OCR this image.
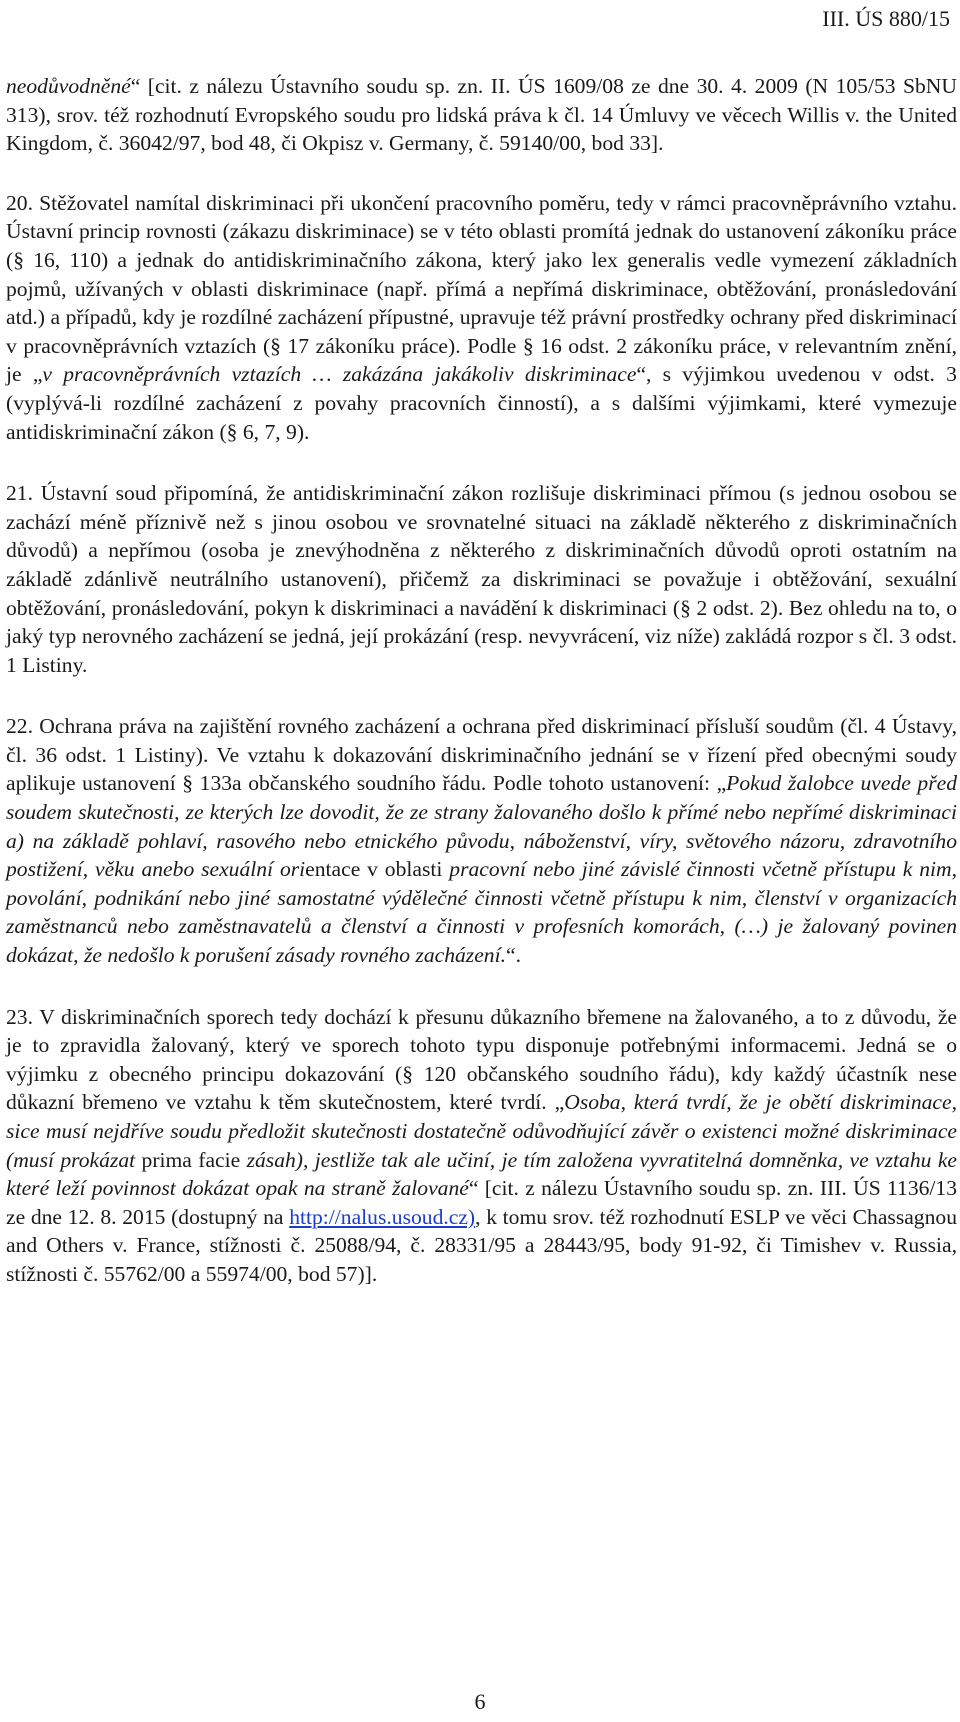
III. ÚS 880/15

neodůvodněné“ [cit. z nálezu Ústavního soudu sp. zn. II. ÚS 1609/08 ze dne 30. 4. 2009 (N 105/53 SbNU 313), srov. též rozhodnutí Evropského soudu pro lidská práva k čl. 14 Úmluvy ve věcech Willis v. the United Kingdom, č. 36042/97, bod 48, či Okpisz v. Germany, č. 59140/00, bod 33].

20. Stěžovatel namítal diskriminaci při ukončení pracovního poměru, tedy v rámci pracovněprávního vztahu. Ústavní princip rovnosti (zákazu diskriminace) se v této oblasti promítá jednak do ustanovení zákoníku práce (§ 16, 110) a jednak do antidiskriminačního zákona, který jako lex generalis vedle vymezení základních pojmů, užívaných v oblasti diskriminace (např. přímá a nepřímá diskriminace, obtěžování, pronásledování atd.) a případů, kdy je rozdílné zacházení přípustné, upravuje též právní prostředky ochrany před diskriminací v pracovněprávních vztazích (§ 17 zákoníku práce). Podle § 16 odst. 2 zákoníku práce, v relevantním znění, je „v pracovněprávních vztazích … zakázána jakákoliv diskriminace“, s výjimkou uvedenou v odst. 3 (vyplývá-li rozdílné zacházení z povahy pracovních činností), a s dalšími výjimkami, které vymezuje antidiskriminační zákon (§ 6, 7, 9).

21. Ústavní soud připomíná, že antidiskriminační zákon rozlišuje diskriminaci přímou (s jednou osobou se zachází méně příznivě než s jinou osobou ve srovnatelné situaci na základě některého z diskriminačních důvodů) a nepřímou (osoba je znevýhodněna z některého z diskriminačních důvodů oproti ostatním na základě zdánlivě neutrálního ustanovení), přičemž za diskriminaci se považuje i obtěžování, sexuální obtěžování, pronásledování, pokyn k diskriminaci a navádění k diskriminaci (§ 2 odst. 2). Bez ohledu na to, o jaký typ nerovného zacházení se jedná, její prokázání (resp. nevyvrácení, viz níže) zakládá rozpor s čl. 3 odst. 1 Listiny.

22. Ochrana práva na zajištění rovného zacházení a ochrana před diskriminací přísluší soudům (čl. 4 Ústavy, čl. 36 odst. 1 Listiny). Ve vztahu k dokazování diskriminačního jednání se v řízení před obecnými soudy aplikuje ustanovení § 133a občanského soudního řádu. Podle tohoto ustanovení: „Pokud žalobce uvede před soudem skutečnosti, ze kterých lze dovodit, že ze strany žalovaného došlo k přímé nebo nepřímé diskriminaci a) na základě pohlaví, rasového nebo etnického původu, náboženství, víry, světového názoru, zdravotního postižení, věku anebo sexuální orientace v oblasti pracovní nebo jiné závislé činnosti včetně přístupu k nim, povolání, podnikání nebo jiné samostatné výdělečné činnosti včetně přístupu k nim, členství v organizacích zaměstnanců nebo zaměstnavatelů a členství a činnosti v profesních komorách, (…) je žalovaný povinen dokázat, že nedošlo k porušení zásady rovného zacházení.“.

23. V diskriminačních sporech tedy dochází k přesunu důkazního břemene na žalovaného, a to z důvodu, že je to zpravidla žalovaný, který ve sporech tohoto typu disponuje potřebnými informacemi. Jedná se o výjimku z obecného principu dokazování (§ 120 občanského soudního řádu), kdy každý účastník nese důkazní břemeno ve vztahu k těm skutečnostem, které tvrdí. „Osoba, která tvrdí, že je obětí diskriminace, sice musí nejdříve soudu předložit skutečnosti dostatečně odůvodňující závěr o existenci možné diskriminace (musí prokázat prima facie zásah), jestliže tak ale učiní, je tím založena vyvratitelná domněnka, ve vztahu ke které leží povinnost dokázat opak na straně žalované“ [cit. z nálezu Ústavního soudu sp. zn. III. ÚS 1136/13 ze dne 12. 8. 2015 (dostupný na http://nalus.usoud.cz), k tomu srov. též rozhodnutí ESLP ve věci Chassagnou and Others v. France, stížnosti č. 25088/94, č. 28331/95 a 28443/95, body 91-92, či Timishev v. Russia, stížnosti č. 55762/00 a 55974/00, bod 57)].

6
